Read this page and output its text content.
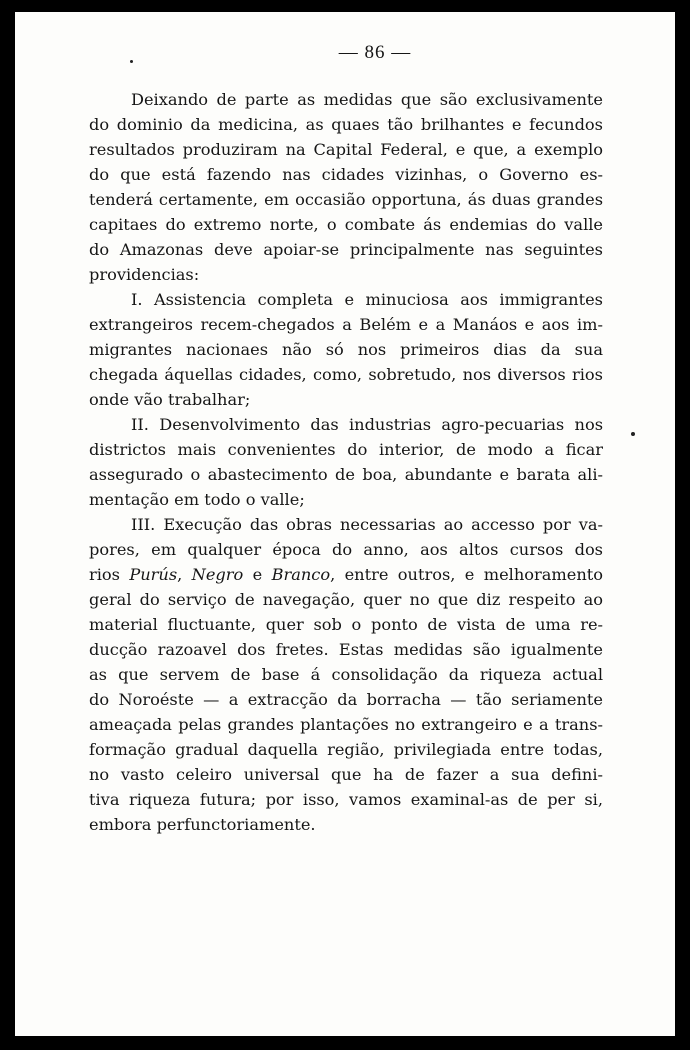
— 86 —
Deixando de parte as medidas que são exclusivamente
do dominio da medicina, as quaes tão brilhantes e fecundos
resultados produziram na Capital Federal, e que, a exemplo
do que está fazendo nas cidades vizinhas, o Governo es-
tenderá certamente, em occasião opportuna, ás duas grandes
capitaes do extremo norte, o combate ás endemias do valle
do Amazonas deve apoiar-se principalmente nas seguintes
providencias:
I. Assistencia completa e minuciosa aos immigrantes
extrangeiros recem-chegados a Belém e a Manáos e aos im-
migrantes nacionaes não só nos primeiros dias da sua
chegada áquellas cidades, como, sobretudo, nos diversos rios
onde vão trabalhar;
II. Desenvolvimento das industrias agro-pecuarias nos
districtos mais convenientes do interior, de modo a ficar
assegurado o abastecimento de boa, abundante e barata ali-
mentação em todo o valle;
III. Execução das obras necessarias ao accesso por va-
pores, em qualquer época do anno, aos altos cursos dos
rios Purús, Negro e Branco, entre outros, e melhoramento
geral do serviço de navegação, quer no que diz respeito ao
material fluctuante, quer sob o ponto de vista de uma re-
ducção razoavel dos fretes. Estas medidas são igualmente
as que servem de base á consolidação da riqueza actual
do Noroéste — a extracção da borracha — tão seriamente
ameaçada pelas grandes plantações no extrangeiro e a trans-
formação gradual daquella região, privilegiada entre todas,
no vasto celeiro universal que ha de fazer a sua defini-
tiva riqueza futura; por isso, vamos examinal-as de per si,
embora perfunctoriamente.
